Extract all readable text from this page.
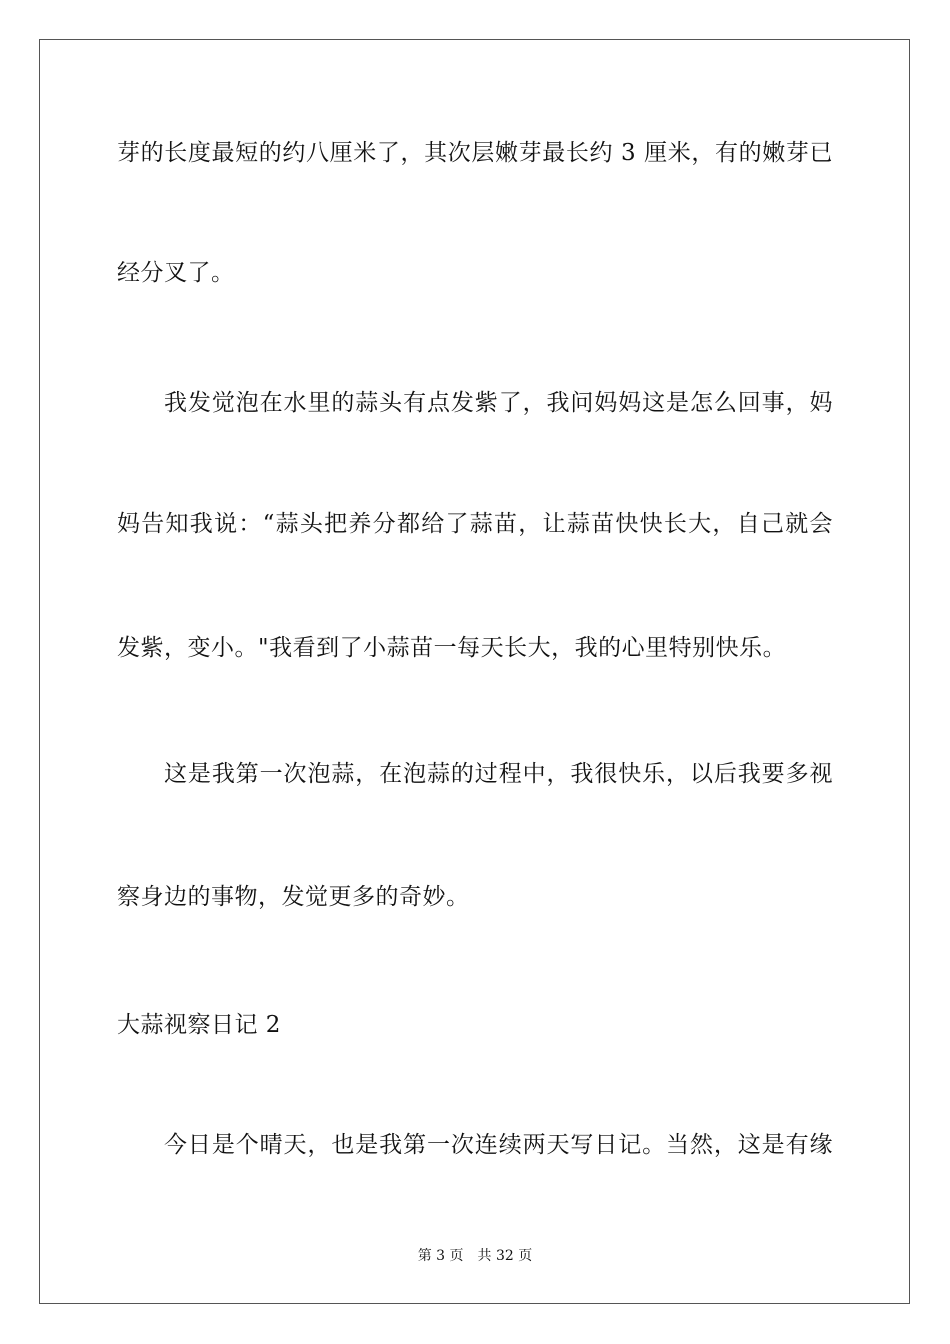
芽的长度最短的约八厘米了，其次层嫩芽最长约 3 厘米，有的嫩芽已
经分叉了。
我发觉泡在水里的蒜头有点发紫了，我问妈妈这是怎么回事，妈
妈告知我说：“蒜头把养分都给了蒜苗，让蒜苗快快长大，自己就会
发紫，变小。"我看到了小蒜苗一每天长大，我的心里特别快乐。
这是我第一次泡蒜，在泡蒜的过程中，我很快乐，以后我要多视
察身边的事物，发觉更多的奇妙。
大蒜视察日记 2
今日是个晴天，也是我第一次连续两天写日记。当然，这是有缘
第 3 页 共 32 页
